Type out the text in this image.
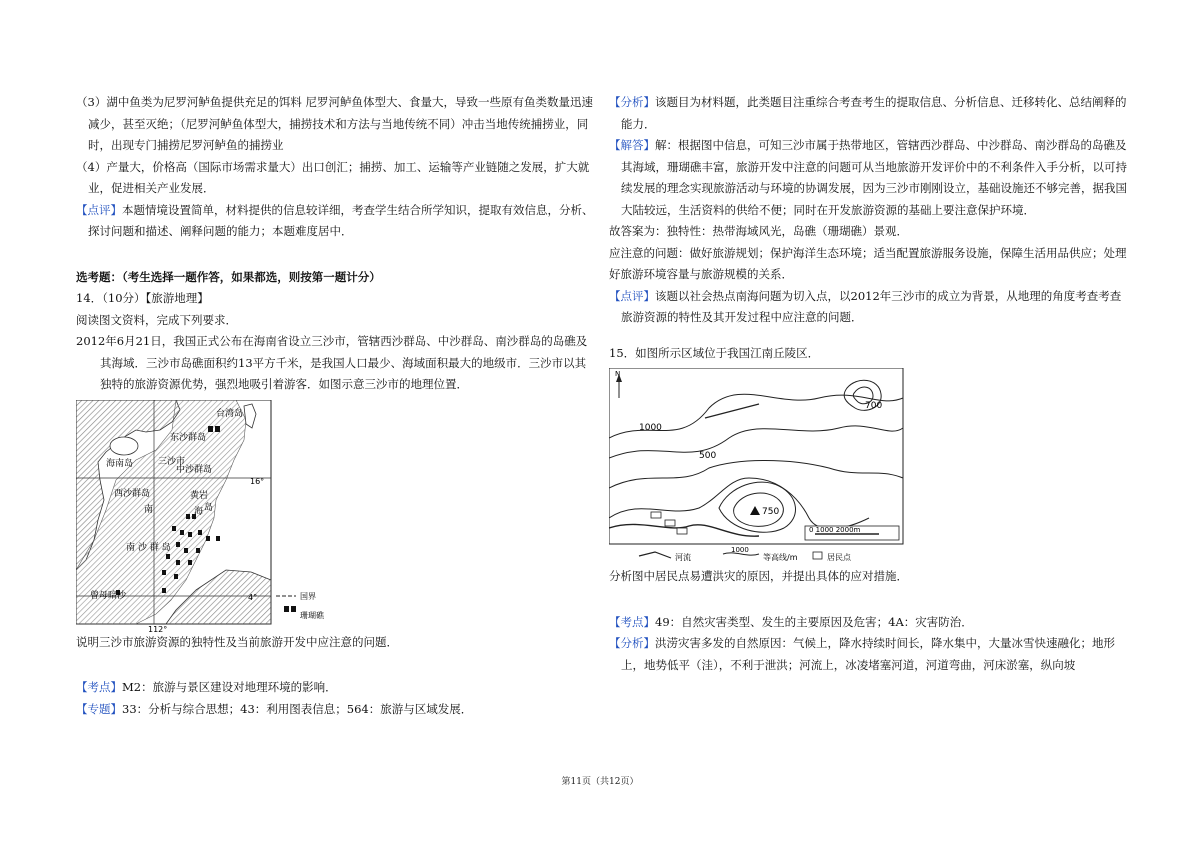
（3）湖中鱼类为尼罗河鲈鱼提供充足的饵料 尼罗河鲈鱼体型大、食量大，导致一些原有鱼类数量迅速减少，甚至灭绝；（尼罗河鲈鱼体型大，捕捞技术和方法与当地传统不同）冲击当地传统捕捞业，同时，出现专门捕捞尼罗河鲈鱼的捕捞业

（4）产量大，价格高（国际市场需求量大）出口创汇；捕捞、加工、运输等产业链随之发展，扩大就业，促进相关产业发展．

【点评】本题情境设置简单，材料提供的信息较详细，考查学生结合所学知识，提取有效信息，分析、探讨问题和描述、阐释问题的能力；本题难度居中．

选考题：（考生选择一题作答，如果都选，则按第一题计分）

14．（10分）【旅游地理】

阅读图文资料，完成下列要求．

2012年6月21日，我国正式公布在海南省设立三沙市，管辖西沙群岛、中沙群岛、南沙群岛的岛礁及其海域．三沙市岛礁面积约13平方千米，是我国人口最少、海域面积最大的地级市．三沙市以其独特的旅游资源优势，强烈地吸引着游客．如图示意三沙市的地理位置．

台湾岛
东沙群岛
海南岛	三沙市
中沙群岛
西沙群岛	黄岩
岛
南	海
南 沙 群 岛
曾母暗沙
16°
4°
112°
国界
珊瑚礁

说明三沙市旅游资源的独特性及当前旅游开发中应注意的问题．

【考点】M2：旅游与景区建设对地理环境的影响．

【专题】33：分析与综合思想；43：利用图表信息；564：旅游与区域发展．

【分析】该题目为材料题，此类题目注重综合考查考生的提取信息、分析信息、迁移转化、总结阐释的能力．

【解答】解：根据图中信息，可知三沙市属于热带地区，管辖西沙群岛、中沙群岛、南沙群岛的岛礁及其海域，珊瑚礁丰富，旅游开发中注意的问题可从当地旅游开发评价中的不利条件入手分析，以可持续发展的理念实现旅游活动与环境的协调发展，因为三沙市刚刚设立，基础设施还不够完善，据我国大陆较远，生活资料的供给不便；同时在开发旅游资源的基础上要注意保护环境．

故答案为：独特性：热带海域风光，岛礁（珊瑚礁）景观．

应注意的问题：做好旅游规划；保护海洋生态环境；适当配置旅游服务设施，保障生活用品供应；处理好旅游环境容量与旅游规模的关系．

【点评】该题以社会热点南海问题为切入点，以2012年三沙市的成立为背景，从地理的角度考查考查旅游资源的特性及其开发过程中应注意的问题．

15．如图所示区域位于我国江南丘陵区．

N
1000
700
500
750
0 1000 2000m
河流
1000
等高线/m	居民点

分析图中居民点易遭洪灾的原因，并提出具体的应对措施．

【考点】49：自然灾害类型、发生的主要原因及危害；4A：灾害防治．

【分析】洪涝灾害多发的自然原因：气候上，降水持续时间长，降水集中，大量冰雪快速融化；地形上，地势低平（洼），不利于泄洪；河流上，冰凌堵塞河道，河道弯曲，河床淤塞，纵向坡

第11页（共12页）
